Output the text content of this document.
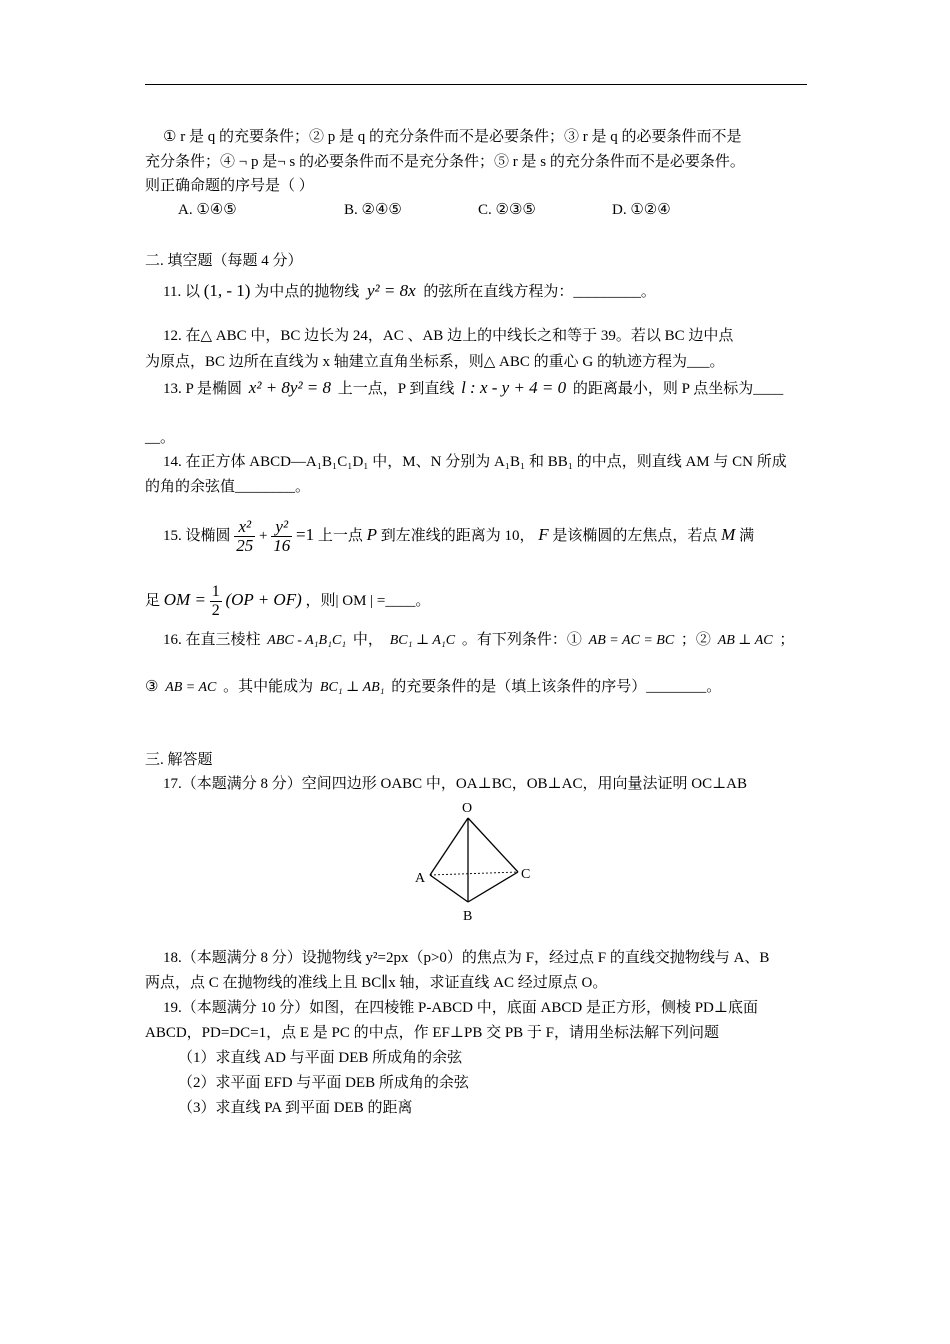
① r 是 q 的充要条件；② p 是 q 的充分条件而不是必要条件；③ r 是 q 的必要条件而不是
充分条件；④ ¬ p 是¬ s 的必要条件而不是充分条件；⑤ r 是 s 的充分条件而不是必要条件。
则正确命题的序号是（ ）
A. ①④⑤	B. ②④⑤	C. ②③⑤	D. ①②④
二. 填空题（每题 4 分）
11. 以 (1, - 1) 为中点的抛物线 y² = 8x 的弦所在直线方程为：_________。
12. 在△ ABC 中，BC 边长为 24，AC 、AB 边上的中线长之和等于 39。若以 BC 边中点
为原点，BC 边所在直线为 x 轴建立直角坐标系，则△ ABC 的重心 G 的轨迹方程为___。
13. P 是椭圆 x² + 8y² = 8 上一点，P 到直线 l : x - y + 4 = 0 的距离最小，则 P 点坐标为____
__。
14. 在正方体 ABCD—A₁B₁C₁D₁ 中，M、N 分别为 A₁B₁ 和 BB₁ 的中点，则直线 AM 与 CN 所成
的角的余弦值________。
15. 设椭圆 $\frac{\text{x²}}{25} + \frac{\text{y²}}{16} =1$ 上一点 P 到左准线的距离为 10， F 是该椭圆的左焦点，若点 M 满
足 OM = $\frac{1}{2} (OP + OF)$ ，则| OM | =____。
16. 在直三棱柱 ABC - A₁B₁C₁ 中， BC₁ ⊥ A₁C 。有下列条件：① AB = AC = BC ；② AB ⊥ AC ；
③ AB = AC 。其中能成为 BC₁ ⊥ AB₁ 的充要条件的是（填上该条件的序号）________。
三. 解答题
17.（本题满分 8 分）空间四边形 OABC 中，OA⊥BC，OB⊥AC，用向量法证明 OC⊥AB
O
A
B
C
18.（本题满分 8 分）设抛物线 y²=2px（p>0）的焦点为 F，经过点 F 的直线交抛物线与 A、B
两点，点 C 在抛物线的准线上且 BC∥x 轴，求证直线 AC 经过原点 O。
19.（本题满分 10 分）如图，在四棱锥 P-ABCD 中，底面 ABCD 是正方形，侧棱 PD⊥底面
ABCD，PD=DC=1，点 E 是 PC 的中点，作 EF⊥PB 交 PB 于 F，请用坐标法解下列问题
（1）求直线 AD 与平面 DEB 所成角的余弦
（2）求平面 EFD 与平面 DEB 所成角的余弦
（3）求直线 PA 到平面 DEB 的距离
